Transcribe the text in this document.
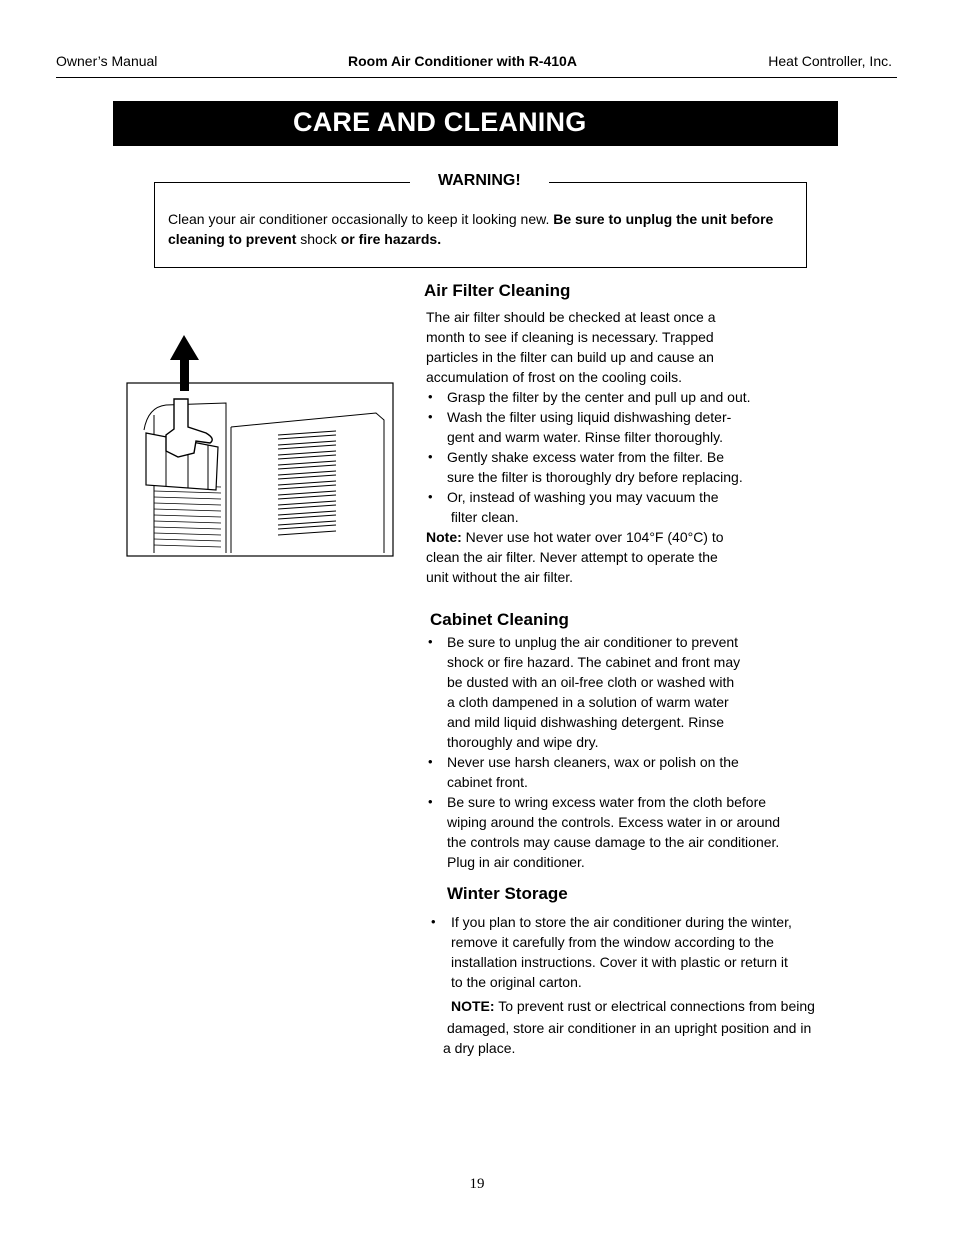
Owner’s Manual	Room Air Conditioner with R-410A	Heat Controller, Inc.
CARE AND CLEANING
WARNING!
Clean your air conditioner occasionally to keep it looking new. Be sure to unplug the unit before cleaning to prevent shock or fire hazards.
Air Filter Cleaning

The air filter should be checked at least once a

month to see if cleaning is necessary. Trapped

particles in the filter can build up and cause an

accumulation of frost on the cooling coils.

• Grasp the filter by the center and pull up and out.
• Wash the filter using liquid dishwashing deter-
gent and warm water. Rinse filter thoroughly.
• Gently shake excess water from the filter. Be
sure the filter is thoroughly dry before replacing.
• Or, instead of washing you may vacuum the
filter clean.

Note: Never use hot water over 104°F (40°C) to

clean the air filter. Never attempt to operate the

unit without the air filter.

Cabinet Cleaning
• Be sure to unplug the air conditioner to prevent
shock or fire hazard. The cabinet and front may
be dusted with an oil-free cloth or washed with
a cloth dampened in a solution of warm water
and mild liquid dishwashing detergent. Rinse
thoroughly and wipe dry.
• Never use harsh cleaners, wax or polish on the
cabinet front.
• Be sure to wring excess water from the cloth before
wiping around the controls. Excess water in or around
the controls may cause damage to the air conditioner.
Plug in air conditioner.
Winter Storage
• If you plan to store the air conditioner during the winter,
remove it carefully from the window according to the
installation instructions. Cover it with plastic or return it
to the original carton.
NOTE: To prevent rust or electrical connections from being
damaged, store air conditioner in an upright position and in
a dry place.
19
